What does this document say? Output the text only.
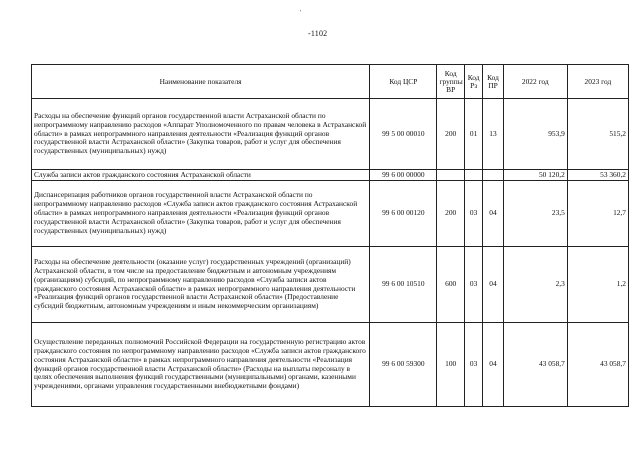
'
-1102
Наименование показателя	Код ЦСР	Код группы ВР	Код Рз	Код ПР	2022 год	2023 год
Расходы на обеспечение функций органов государственной власти Астраханской области по непрограммному направлению расходов «Аппарат Уполномоченного по правам человека в Астраханской области» в рамках непрограммного направления деятельности «Реализация функций органов государственной власти Астраханской области» (Закупка товаров, работ и услуг для обеспечения государственных (муниципальных) нужд)	99 5 00 00010	200	01	13	953,9	515,2
Служба записи актов гражданского состояния Астраханской области	99 6 00 00000				50 120,2	53 360,2
Диспансеризация работников органов государственной власти Астраханской области по непрограммному направлению расходов «Служба записи актов гражданского состояния Астраханской области» в рамках непрограммного направления деятельности «Реализация функций органов государственной власти Астраханской области» (Закупка товаров, работ и услуг для обеспечения государственных (муниципальных) нужд)	99 6 00 00120	200	03	04	23,5	12,7
Расходы на обеспечение деятельности (оказание услуг) государственных учреждений (организаций) Астраханской области, в том числе на предоставление бюджетным и автономным учреждениям (организациям) субсидий, по непрограммному направлению расходов «Служба записи актов гражданского состояния Астраханской области» в рамках непрограммного направления деятельности «Реализация функций органов государственной власти Астраханской области» (Предоставление субсидий бюджетным, автономным учреждениям и иным некоммерческим организациям)	99 6 00 10510	600	03	04	2,3	1,2
Осуществление переданных полномочий Российской Федерации на государственную регистрацию актов гражданского состояния по непрограммному направлению расходов «Служба записи актов гражданского состояния Астраханской области» в рамках непрограммного направления деятельности «Реализация функций органов государственной власти Астраханской области» (Расходы на выплаты персоналу в целях обеспечения выполнения функций государственными (муниципальными) органами, казенными учреждениями, органами управления государственными внебюджетными фондами)	99 6 00 59300	100	03	04	43 058,7	43 058,7
